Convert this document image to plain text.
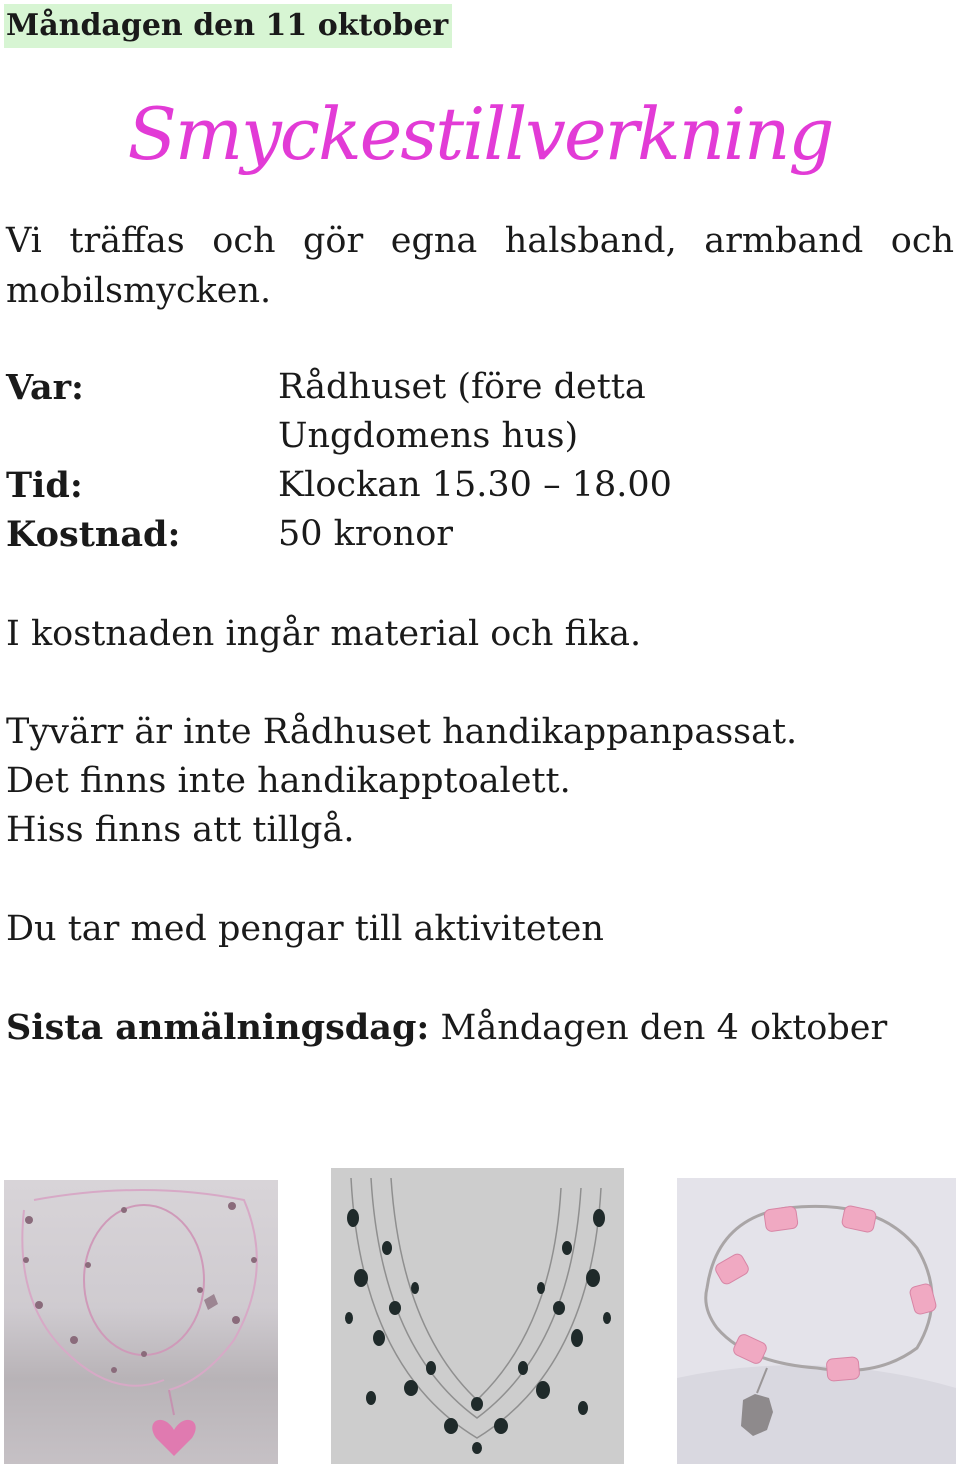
Måndagen den 11 oktober
Smyckestillverkning
Vi träffas och gör egna halsband, armband och mobilsmycken.
Var:	Rådhuset (före detta
Ungdomens hus)
Tid:	Klockan 15.30 – 18.00
Kostnad:	50 kronor
I kostnaden ingår material och fika.
Tyvärr är inte Rådhuset handikappanpassat.
Det finns inte handikapptoalett.
Hiss finns att tillgå.
Du tar med pengar till aktiviteten
Sista anmälningsdag: Måndagen den 4 oktober
